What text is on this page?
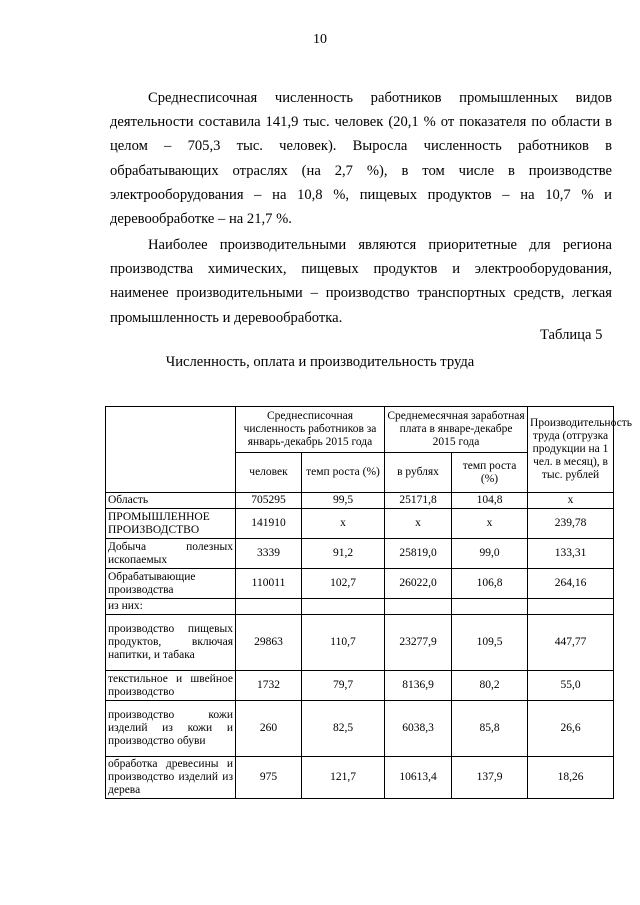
10

Среднесписочная численность работников промышленных видов деятельности составила 141,9 тыс. человек (20,1 % от показателя по области в целом – 705,3 тыс. человек). Выросла численность работников в обрабатывающих отраслях (на 2,7 %), в том числе в производстве электрооборудования – на 10,8 %, пищевых продуктов – на 10,7 % и деревообработке – на 21,7 %.

Наиболее производительными являются приоритетные для региона производства химических, пищевых продуктов и электрооборудования, наименее производительными – производство транспортных средств, легкая промышленность и деревообработка.

Таблица 5
Численность, оплата и производительность труда
	Среднесписочная численность работников за январь-декабрь 2015 года		Среднемесячная заработная плата в январе-декабре 2015 года		Производительность труда (отгрузка продукции на 1 чел. в месяц), в тыс. рублей
	человек	темп роста (%)	в рублях	темп роста (%)	
Область	705295	99,5	25171,8	104,8	х
ПРОМЫШЛЕННОЕ ПРОИЗВОДСТВО	141910	х	х	х	239,78
Добыча полезных ископаемых	3339	91,2	25819,0	99,0	133,31
Обрабатывающие производства	110011	102,7	26022,0	106,8	264,16
из них:					
производство пищевых продуктов, включая напитки, и табака	29863	110,7	23277,9	109,5	447,77
текстильное и швейное производство	1732	79,7	8136,9	80,2	55,0
производство кожи изделий из кожи и производство обуви	260	82,5	6038,3	85,8	26,6
обработка древесины и производство изделий из дерева	975	121,7	10613,4	137,9	18,26
